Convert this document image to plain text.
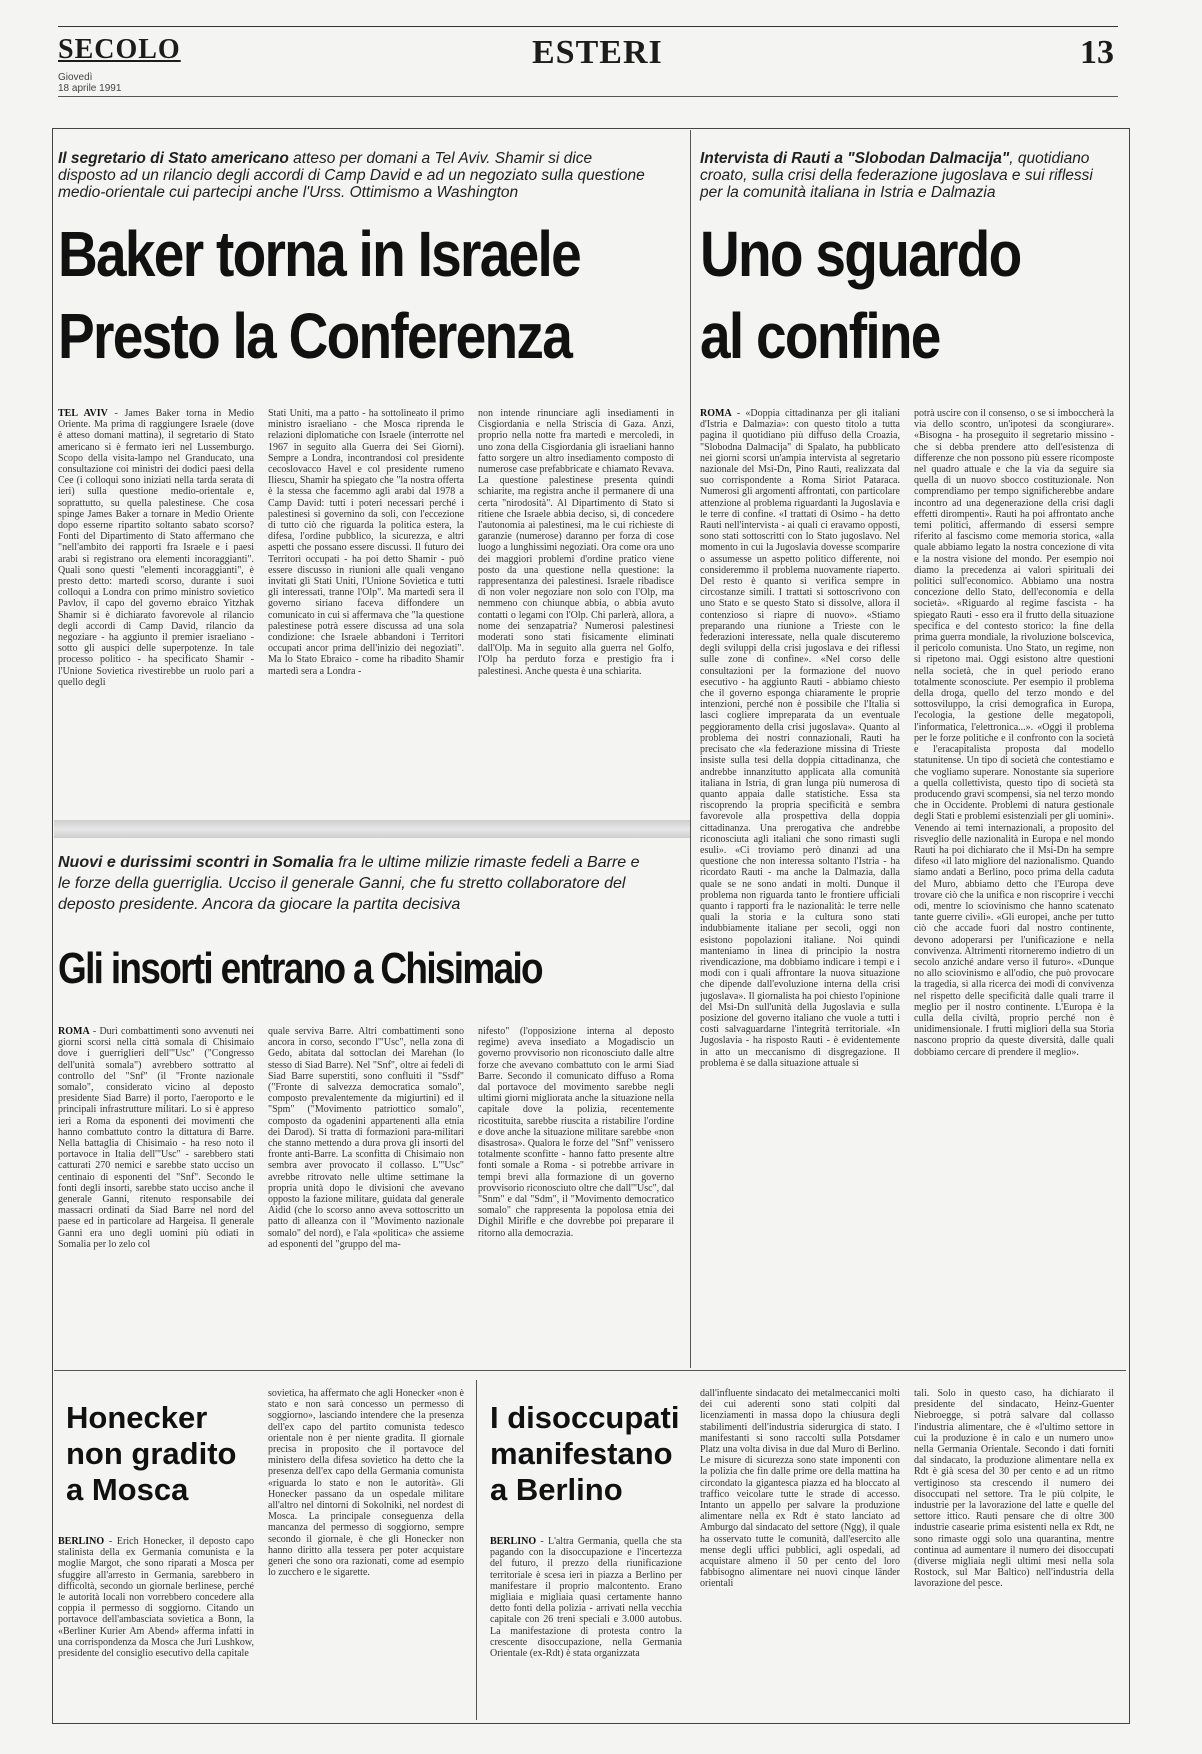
SECOLO
Giovedì
18 aprile 1991
ESTERI	13
Il segretario di Stato americano atteso per domani a Tel Aviv. Shamir si dice disposto ad un rilancio degli accordi di Camp David e ad un negoziato sulla questione medio-orientale cui partecipi anche l'Urss. Ottimismo a Washington
Baker torna in Israele
Presto la Conferenza
TEL AVIV - James Baker torna in Medio Oriente. Ma prima di raggiungere Israele (dove è atteso domani mattina), il segretario di Stato americano si è fermato ieri nel Lussemburgo. Scopo della visita-lampo nel Granducato, una consultazione coi ministri dei dodici paesi della Cee (i colloqui sono iniziati nella tarda serata di ieri) sulla questione medio-orientale e, soprattutto, su quella palestinese. Che cosa spinge James Baker a tornare in Medio Oriente dopo esserne ripartito soltanto sabato scorso? Fonti del Dipartimento di Stato affermano che "nell'ambito dei rapporti fra Israele e i paesi arabi si registrano ora elementi incoraggianti". Quali sono questi "elementi incoraggianti", è presto detto: martedì scorso, durante i suoi colloqui a Londra con primo ministro sovietico Pavlov, il capo del governo ebraico Yitzhak Shamir si è dichiarato favorevole al rilancio degli accordi di Camp David, rilancio da negoziare - ha aggiunto il premier israeliano - sotto gli auspici delle superpotenze. In tale processo politico - ha specificato Shamir - l'Unione Sovietica rivestirebbe un ruolo pari a quello degli
Stati Uniti, ma a patto - ha sottolineato il primo ministro israeliano - che Mosca riprenda le relazioni diplomatiche con Israele (interrotte nel 1967 in seguito alla Guerra dei Sei Giorni). Sempre a Londra, incontrandosi col presidente cecoslovacco Havel e col presidente rumeno Iliescu, Shamir ha spiegato che "la nostra offerta è la stessa che facemmo agli arabi dal 1978 a Camp David: tutti i poteri necessari perché i palestinesi si governino da soli, con l'eccezione di tutto ciò che riguarda la politica estera, la difesa, l'ordine pubblico, la sicurezza, e altri aspetti che possano essere discussi. Il futuro dei Territori occupati - ha poi detto Shamir - può essere discusso in riunioni alle quali vengano invitati gli Stati Uniti, l'Unione Sovietica e tutti gli interessati, tranne l'Olp". Ma martedì sera il governo siriano faceva diffondere un comunicato in cui si affermava che "la questione palestinese potrà essere discussa ad una sola condizione: che Israele abbandoni i Territori occupati ancor prima dell'inizio dei negoziati". Ma lo Stato Ebraico - come ha ribadito Shamir martedì sera a Londra -
non intende rinunciare agli insediamenti in Cisgiordania e nella Striscia di Gaza. Anzi, proprio nella notte fra martedì e mercoledì, in uno zona della Cisgiordania gli israeliani hanno fatto sorgere un altro insediamento composto di numerose case prefabbricate e chiamato Revava. La questione palestinese presenta quindi schiarite, ma registra anche il permanere di una certa "nirodosità". Al Dipartimento di Stato si ritiene che Israele abbia deciso, sì, di concedere l'autonomia ai palestinesi, ma le cui richieste di garanzie (numerose) daranno per forza di cose luogo a lunghissimi negoziati. Ora come ora uno dei maggiori problemi d'ordine pratico viene posto da una questione nella questione: la rappresentanza dei palestinesi. Israele ribadisce di non voler negoziare non solo con l'Olp, ma nemmeno con chiunque abbia, o abbia avuto contatti o legami con l'Olp. Chi parlerà, allora, a nome dei senzapatria? Numerosi palestinesi moderati sono stati fisicamente eliminati dall'Olp. Ma in seguito alla guerra nel Golfo, l'Olp ha perduto forza e prestigio fra i palestinesi. Anche questa è una schiarita.
Intervista di Rauti a "Slobodan Dalmacija", quotidiano croato, sulla crisi della federazione jugoslava e sui riflessi per la comunità italiana in Istria e Dalmazia
Uno sguardo
al confine
ROMA - «Doppia cittadinanza per gli italiani d'Istria e Dalmazia»: con questo titolo a tutta pagina il quotidiano più diffuso della Croazia, "Slobodna Dalmacija" di Spalato, ha pubblicato nei giorni scorsi un'ampia intervista al segretario nazionale del Msi-Dn, Pino Rauti, realizzata dal suo corrispondente a Roma Siriot Pataraca. Numerosi gli argomenti affrontati, con particolare attenzione al problema riguardanti la Jugoslavia e le terre di confine. «I trattati di Osimo - ha detto Rauti nell'intervista - ai quali ci eravamo opposti, sono stati sottoscritti con lo Stato jugoslavo. Nel momento in cui la Jugoslavia dovesse scomparire o assumesse un aspetto politico differente, noi consideremmo il problema nuovamente riaperto. Del resto è quanto si verifica sempre in circostanze simili. I trattati si sottoscrivono con uno Stato e se questo Stato si dissolve, allora il contenzioso si riapre di nuovo». «Stiamo preparando una riunione a Trieste con le federazioni interessate, nella quale discuteremo degli sviluppi della crisi jugoslava e dei riflessi sulle zone di confine». «Nel corso delle consultazioni per la formazione del nuovo esecutivo - ha aggiunto Rauti - abbiamo chiesto che il governo esponga chiaramente le proprie intenzioni, perché non è possibile che l'Italia si lasci cogliere impreparata da un eventuale peggioramento della crisi jugoslava». Quanto al problema dei nostri connazionali, Rauti ha precisato che «la federazione missina di Trieste insiste sulla tesi della doppia cittadinanza, che andrebbe innanzitutto applicata alla comunità italiana in Istria, di gran lunga più numerosa di quanto appaia dalle statistiche. Essa sta riscoprendo la propria specificità e sembra favorevole alla prospettiva della doppia cittadinanza. Una prerogativa che andrebbe riconosciuta agli italiani che sono rimasti sugli esuli». «Ci troviamo però dinanzi ad una questione che non interessa soltanto l'Istria - ha ricordato Rauti - ma anche la Dalmazia, dalla quale se ne sono andati in molti. Dunque il problema non riguarda tanto le frontiere ufficiali quanto i rapporti fra le nazionalità: le terre nelle quali la storia e la cultura sono stati indubbiamente italiane per secoli, oggi non esistono popolazioni italiane. Noi quindi manteniamo in linea di principio la nostra rivendicazione, ma dobbiamo indicare i tempi e i modi con i quali affrontare la nuova situazione che dipende dall'evoluzione interna della crisi jugoslava». Il giornalista ha poi chiesto l'opinione del Msi-Dn sull'unità della Jugoslavia e sulla posizione del governo italiano che vuole a tutti i costi salvaguardarne l'integrità territoriale. «In Jugoslavia - ha risposto Rauti - è evidentemente in atto un meccanismo di disgregazione. Il problema è se dalla situazione attuale si
potrà uscire con il consenso, o se si imboccherà la via dello scontro, un'ipotesi da scongiurare». «Bisogna - ha proseguito il segretario missino - che si debba prendere atto dell'esistenza di differenze che non possono più essere ricomposte nel quadro attuale e che la via da seguire sia quella di un nuovo sbocco costituzionale. Non comprendiamo per tempo significherebbe andare incontro ad una degenerazione della crisi dagli effetti dirompenti». Rauti ha poi affrontato anche temi politici, affermando di essersi sempre riferito al fascismo come memoria storica, «alla quale abbiamo legato la nostra concezione di vita e la nostra visione del mondo. Per esempio noi diamo la precedenza ai valori spirituali dei politici sull'economico. Abbiamo una nostra concezione dello Stato, dell'economia e della società». «Riguardo al regime fascista - ha spiegato Rauti - esso era il frutto della situazione specifica e del contesto storico: la fine della prima guerra mondiale, la rivoluzione bolscevica, il pericolo comunista. Uno Stato, un regime, non si ripetono mai. Oggi esistono altre questioni nella società, che in quel periodo erano totalmente sconosciute. Per esempio il problema della droga, quello del terzo mondo e del sottosviluppo, la crisi demografica in Europa, l'ecologia, la gestione delle megatopoli, l'informatica, l'elettronica...». «Oggi il problema per le forze politiche e il confronto con la società e l'eracapitalista proposta dal modello statunitense. Un tipo di società che contestiamo e che vogliamo superare. Nonostante sia superiore a quella collettivista, questo tipo di società sta producendo gravi scompensi, sia nel terzo mondo che in Occidente. Problemi di natura gestionale degli Stati e problemi esistenziali per gli uomini». Venendo ai temi internazionali, a proposito del risveglio delle nazionalità in Europa e nel mondo Rauti ha poi dichiarato che il Msi-Dn ha sempre difeso «il lato migliore del nazionalismo. Quando siamo andati a Berlino, poco prima della caduta del Muro, abbiamo detto che l'Europa deve trovare ciò che la unifica e non riscoprire i vecchi odi, mentre lo sciovinismo che hanno scatenato tante guerre civili». «Gli europei, anche per tutto ciò che accade fuori dal nostro continente, devono adoperarsi per l'unificazione e nella convivenza. Altrimenti ritorneremo indietro di un secolo anziché andare verso il futuro». «Dunque no allo sciovinismo e all'odio, che può provocare la tragedia, sì alla ricerca dei modi di convivenza nel rispetto delle specificità dalle quali trarre il meglio per il nostro continente. L'Europa è la culla della civiltà, proprio perché non è unidimensionale. I frutti migliori della sua Storia nascono proprio da queste diversità, dalle quali dobbiamo cercare di prendere il meglio».
Nuovi e durissimi scontri in Somalia fra le ultime milizie rimaste fedeli a Barre e le forze della guerriglia. Ucciso il generale Ganni, che fu stretto collaboratore del deposto presidente. Ancora da giocare la partita decisiva
Gli insorti entrano a Chisimaio
ROMA - Duri combattimenti sono avvenuti nei giorni scorsi nella città somala di Chisimaio dove i guerriglieri dell'"Usc" ("Congresso dell'unità somala") avrebbero sottratto al controllo del "Snf" (il "Fronte nazionale somalo", considerato vicino al deposto presidente Siad Barre) il porto, l'aeroporto e le principali infrastrutture militari. Lo si è appreso ieri a Roma da esponenti dei movimenti che hanno combattuto contro la dittatura di Barre. Nella battaglia di Chisimaio - ha reso noto il portavoce in Italia dell'"Usc" - sarebbero stati catturati 270 nemici e sarebbe stato ucciso un centinaio di esponenti del "Snf". Secondo le fonti degli insorti, sarebbe stato ucciso anche il generale Ganni, ritenuto responsabile dei massacri ordinati da Siad Barre nel nord del paese ed in particolare ad Hargeisa. Il generale Ganni era uno degli uomini più odiati in Somalia per lo zelo col
quale serviva Barre. Altri combattimenti sono ancora in corso, secondo l'"Usc", nella zona di Gedo, abitata dal sottoclan dei Marehan (lo stesso di Siad Barre). Nel "Snf", oltre ai fedeli di Siad Barre superstiti, sono confluiti il "Ssdf" ("Fronte di salvezza democratica somalo", composto prevalentemente da migiurtini) ed il "Spm" ("Movimento patriottico somalo", composto da ogadenini appartenenti alla etnia dei Darod). Si tratta di formazioni para-militari che stanno mettendo a dura prova gli insorti del fronte anti-Barre. La sconfitta di Chisimaio non sembra aver provocato il collasso. L'"Usc" avrebbe ritrovato nelle ultime settimane la propria unità dopo le divisioni che avevano opposto la fazione militare, guidata dal generale Aidid (che lo scorso anno aveva sottoscritto un patto di alleanza con il "Movimento nazionale somalo" del nord), e l'ala «politica» che assieme ad esponenti del "gruppo del ma-
nifesto" (l'opposizione interna al deposto regime) aveva insediato a Mogadiscio un governo provvisorio non riconosciuto dalle altre forze che avevano combattuto con le armi Siad Barre. Secondo il comunicato diffuso a Roma dal portavoce del movimento sarebbe negli ultimi giorni migliorata anche la situazione nella capitale dove la polizia, recentemente ricostituita, sarebbe riuscita a ristabilire l'ordine e dove anche la situazione militare sarebbe «non disastrosa». Qualora le forze del "Snf" venissero totalmente sconfitte - hanno fatto presente altre fonti somale a Roma - si potrebbe arrivare in tempi brevi alla formazione di un governo provvisorio riconosciuto oltre che dall'"Usc", dal "Snm" e dal "Sdm", il "Movimento democratico somalo" che rappresenta la popolosa etnia dei Dighil Mirifle e che dovrebbe poi preparare il ritorno alla democrazia.
Honecker
non gradito
a Mosca
BERLINO - Erich Honecker, il deposto capo stalinista della ex Germania comunista e la moglie Margot, che sono riparati a Mosca per sfuggire all'arresto in Germania, sarebbero in difficoltà, secondo un giornale berlinese, perché le autorità locali non vorrebbero concedere alla coppia il permesso di soggiorno. Citando un portavoce dell'ambasciata sovietica a Bonn, la «Berliner Kurier Am Abend» afferma infatti in una corrispondenza da Mosca che Juri Lushkow, presidente del consiglio esecutivo della capitale
sovietica, ha affermato che agli Honecker «non è stato e non sarà concesso un permesso di soggiorno», lasciando intendere che la presenza dell'ex capo del partito comunista tedesco orientale non è per niente gradita. Il giornale precisa in proposito che il portavoce del ministero della difesa sovietico ha detto che la presenza dell'ex capo della Germania comunista «riguarda lo stato e non le autorità». Gli Honecker passano da un ospedale militare all'altro nel dintorni di Sokolniki, nel nordest di Mosca. La principale conseguenza della mancanza del permesso di soggiorno, sempre secondo il giornale, è che gli Honecker non hanno diritto alla tessera per poter acquistare generi che sono ora razionati, come ad esempio lo zucchero e le sigarette.
I disoccupati
manifestano
a Berlino
BERLINO - L'altra Germania, quella che sta pagando con la disoccupazione e l'incertezza del futuro, il prezzo della riunificazione territoriale è scesa ieri in piazza a Berlino per manifestare il proprio malcontento. Erano migliaia e migliaia quasi certamente hanno detto fonti della polizia - arrivati nella vecchia capitale con 26 treni speciali e 3.000 autobus. La manifestazione di protesta contro la crescente disoccupazione, nella Germania Orientale (ex-Rdt) è stata organizzata
dall'influente sindacato dei metalmeccanici molti dei cui aderenti sono stati colpiti dal licenziamenti in massa dopo la chiusura degli stabilimenti dell'industria siderurgica di stato. I manifestanti si sono raccolti sulla Potsdamer Platz una volta divisa in due dal Muro di Berlino. Le misure di sicurezza sono state imponenti con la polizia che fin dalle prime ore della mattina ha circondato la gigantesca piazza ed ha bloccato al traffico veicolare tutte le strade di accesso. Intanto un appello per salvare la produzione alimentare nella ex Rdt è stato lanciato ad Amburgo dal sindacato del settore (Ngg), il quale ha osservato tutte le comunità, dall'esercito alle mense degli uffici pubblici, agli ospedali, ad acquistare almeno il 50 per cento del loro fabbisogno alimentare nei nuovi cinque länder orientali
tali. Solo in questo caso, ha dichiarato il presidente del sindacato, Heinz-Guenter Niebroegge, si potrà salvare dal collasso l'industria alimentare, che è «l'ultimo settore in cui la produzione è in calo e un numero uno» nella Germania Orientale. Secondo i dati forniti dal sindacato, la produzione alimentare nella ex Rdt è già scesa del 30 per cento e ad un ritmo vertiginoso sta crescendo il numero dei disoccupati nel settore. Tra le più colpite, le industrie per la lavorazione del latte e quelle del settore ittico. Rauti pensare che di oltre 300 industrie casearie prima esistenti nella ex Rdt, ne sono rimaste oggi solo una quarantina, mentre continua ad aumentare il numero dei disoccupati (diverse migliaia negli ultimi mesi nella sola Rostock, sul Mar Baltico) nell'industria della lavorazione del pesce.
